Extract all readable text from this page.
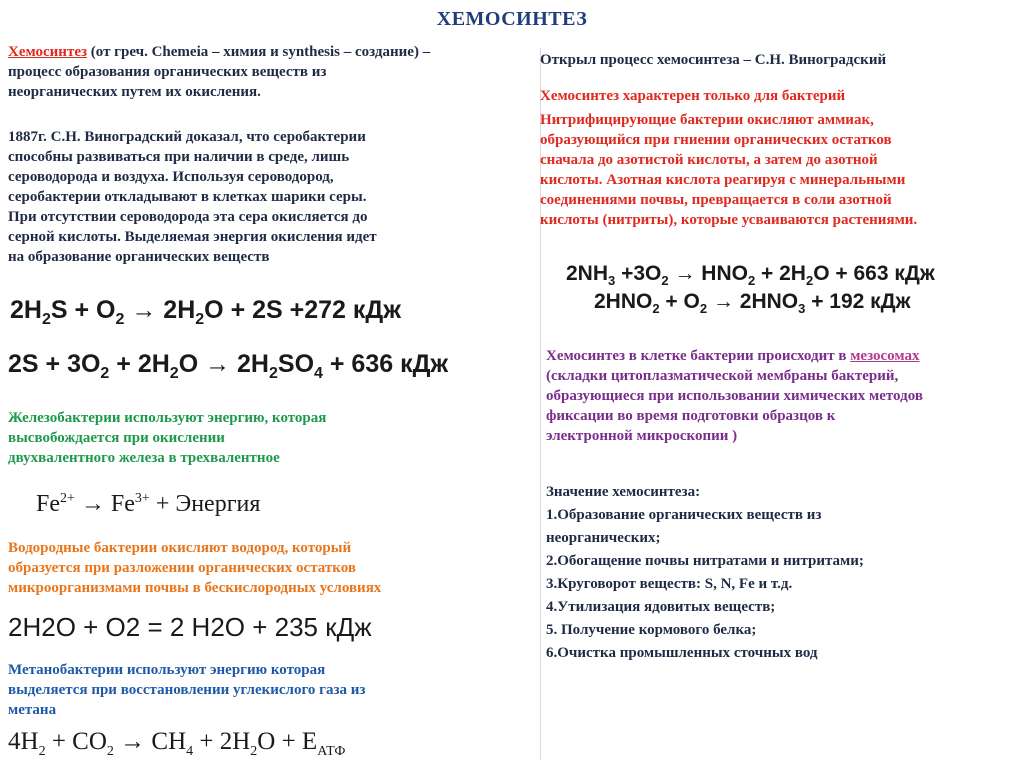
ХЕМОСИНТЕЗ
Хемосинтез (от греч. Chemeia – химия и synthesis – создание) –
процесс образования органических веществ из
неорганических путем их окисления.
1887г. С.Н. Виноградский доказал, что серобактерии
способны развиваться при наличии в среде, лишь
сероводорода и воздуха. Используя сероводород,
серобактерии откладывают в клетках шарики серы.
При отсутствии сероводорода эта сера окисляется до
серной кислоты. Выделяемая энергия окисления идет
на образование органических веществ
$2H_2S + O_2 \to 2H_2O + 2S +272$ кДж
$2S + 3O_2 + 2H_2O \to 2H_2SO_4 + 636$ кДж
Железобактерии используют энергию, которая
высвобождается при окислении
двухвалентного железа в трехвалентное
$Fe^{2+} \to Fe^{3+}$ + Энергия
Водородные бактерии окисляют водород, который
образуется при разложении органических остатков
микроорганизмами почвы в бескислородных условиях
2H2O + O2 = 2 H2O + 235 кДж
Метанобактерии используют энергию которая
выделяется при восстановлении углекислого газа из
метана
$4H_2 + CO_2 \to CH_4 + 2H_2O + E_{АТФ}$
Открыл процесс хемосинтеза – С.Н. Виноградский
Хемосинтез характерен только для бактерий
Нитрифицирующие бактерии окисляют аммиак,
образующийся при гниении органических остатков
сначала до азотистой кислоты, а затем до азотной
кислоты. Азотная кислота реагируя с минеральными
соединениями почвы, превращается в соли азотной
кислоты (нитриты), которые усваиваются растениями.
$2NH_3 +3O_2 \to HNO_2 + 2H_2O + 663$ кДж
$2HNO_2 + O_2 \to 2HNO_3 + 192$ кДж
Хемосинтез в клетке бактерии происходит в мезосомах
(складки цитоплазматической мембраны бактерий,
образующиеся при использовании химических методов
фиксации во время подготовки образцов к
электронной микроскопии )
Значение хемосинтеза:
1.Образование органических веществ из
неорганических;
2.Обогащение почвы нитратами и нитритами;
3.Круговорот веществ: S, N, Fe и т.д.
4.Утилизация ядовитых веществ;
5. Получение кормового белка;
6.Очистка промышленных сточных вод
